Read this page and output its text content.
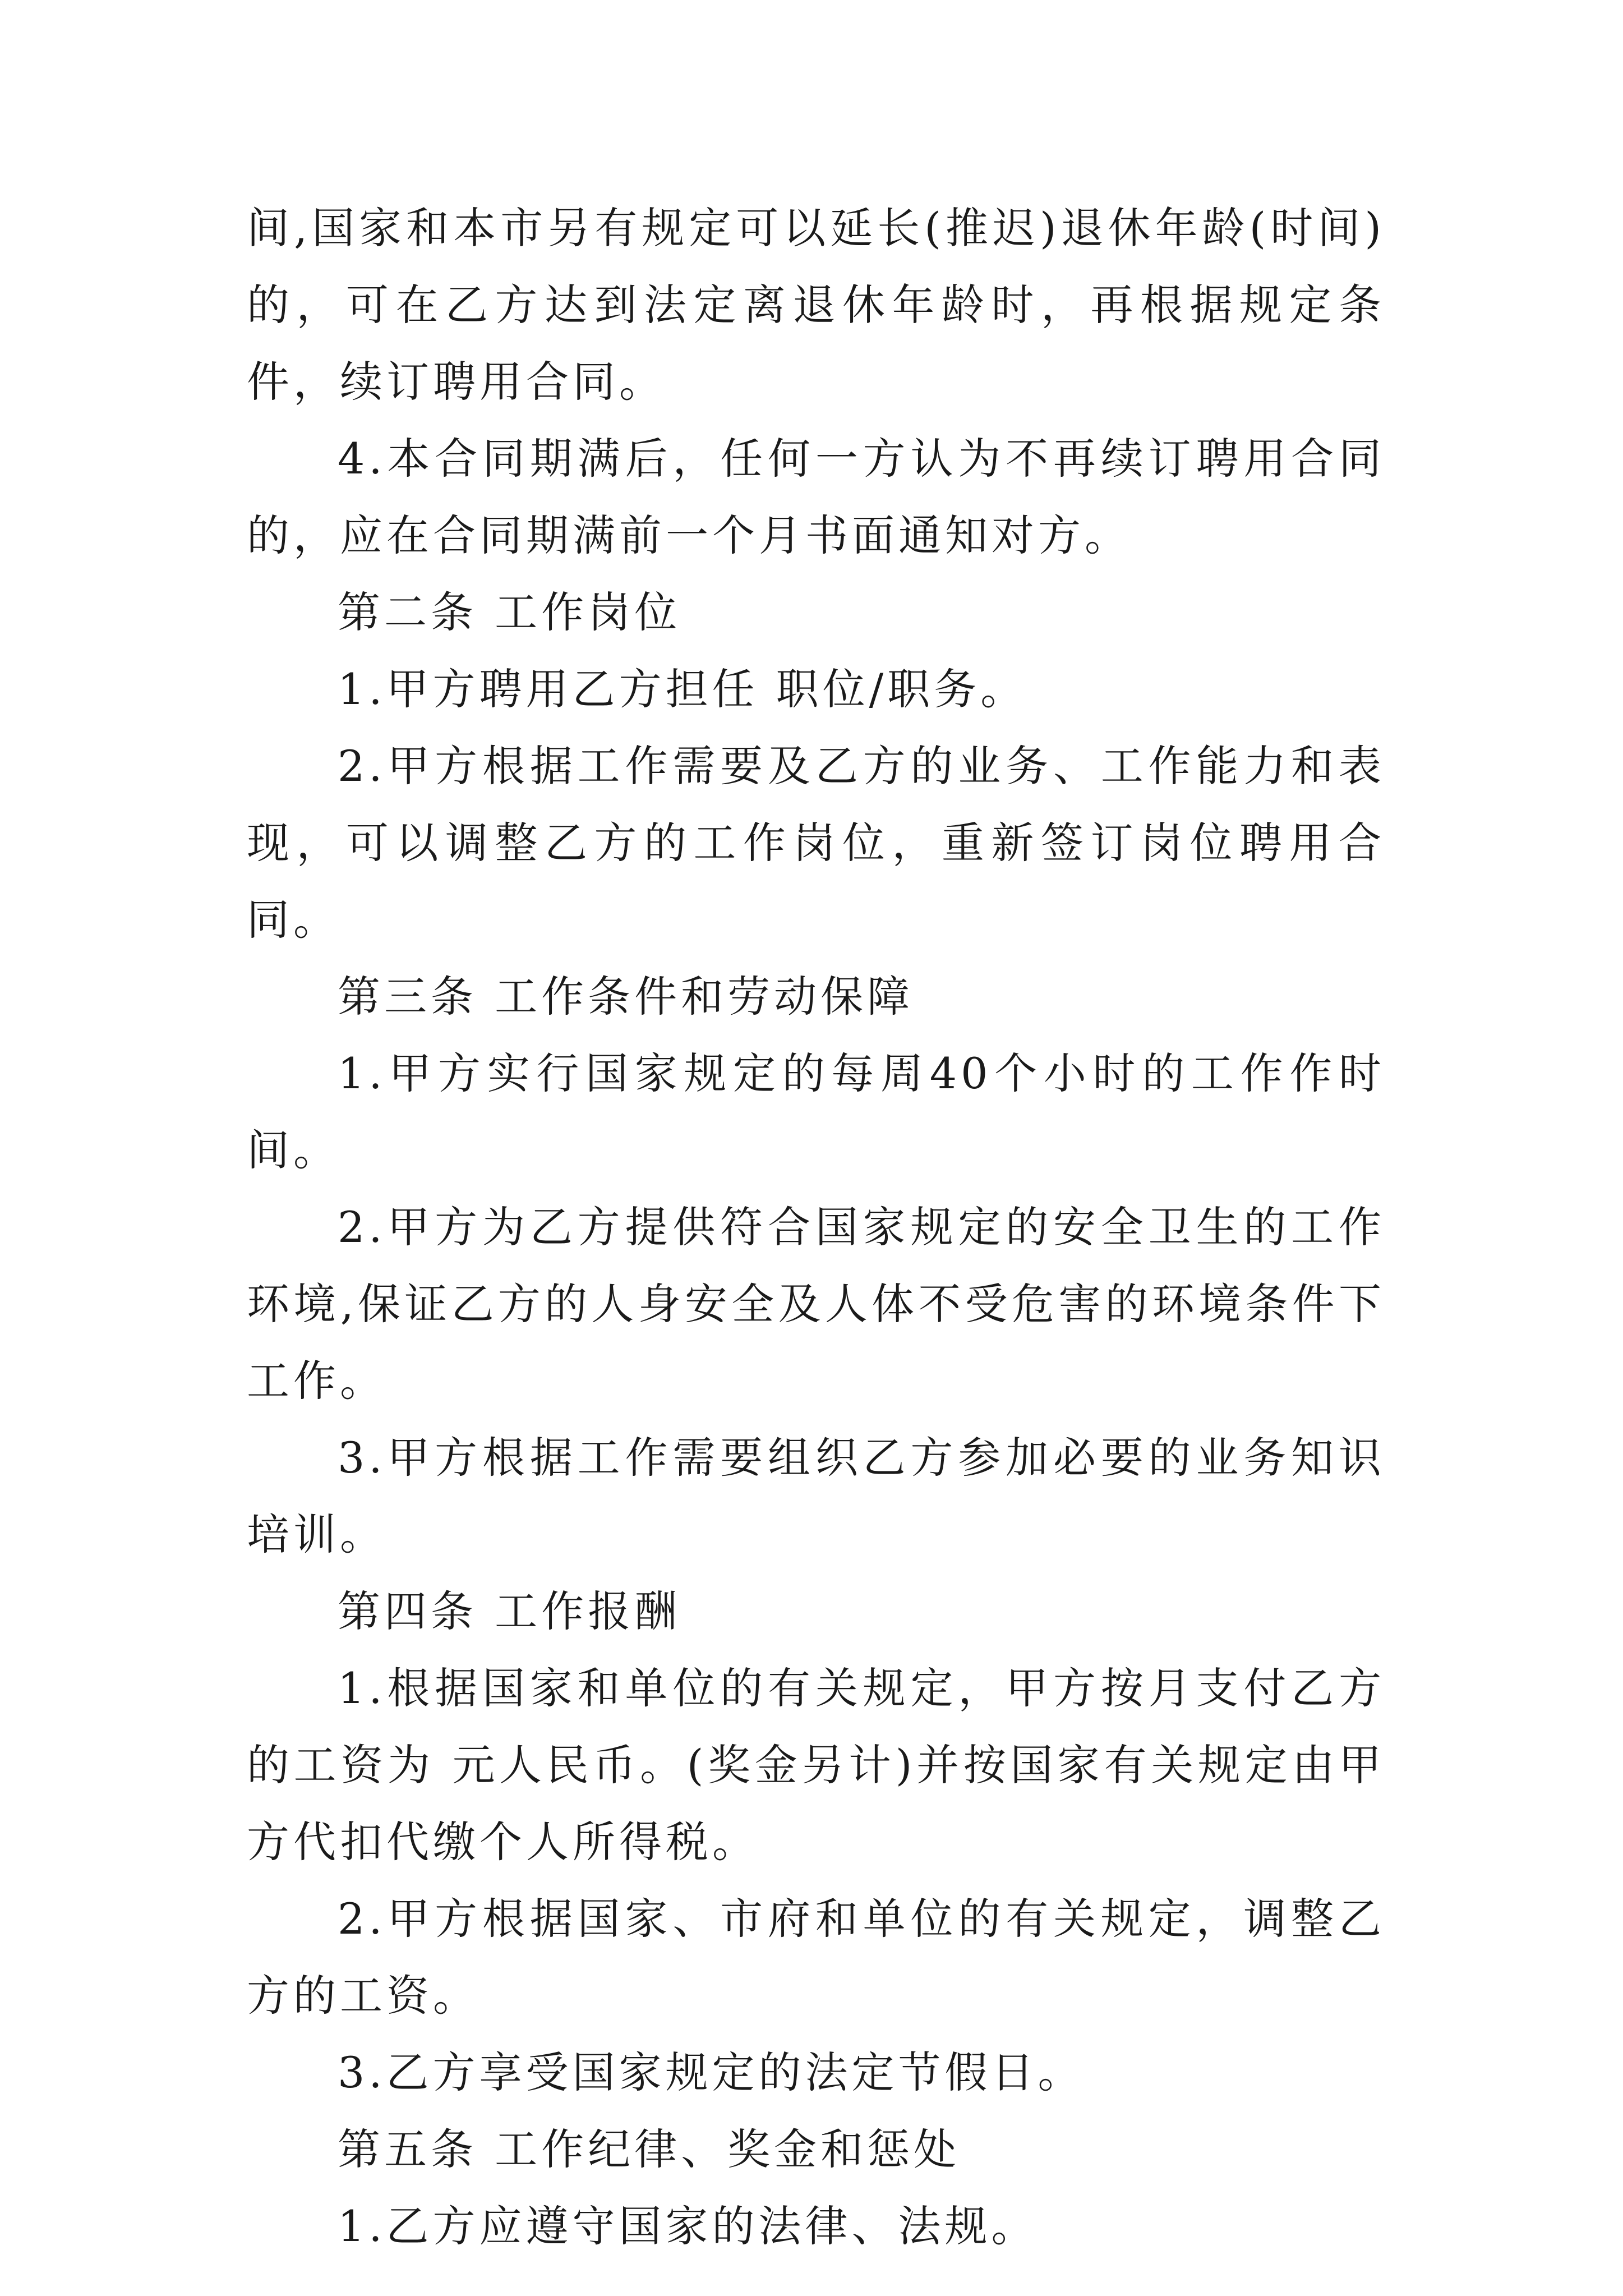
间,国家和本市另有规定可以延长(推迟)退休年龄(时间)的，可在乙方达到法定离退休年龄时，再根据规定条件，续订聘用合同。

4.本合同期满后，任何一方认为不再续订聘用合同的，应在合同期满前一个月书面通知对方。

第二条 工作岗位

1.甲方聘用乙方担任 职位/职务。

2.甲方根据工作需要及乙方的业务、工作能力和表现，可以调整乙方的工作岗位，重新签订岗位聘用合同。

第三条 工作条件和劳动保障

1.甲方实行国家规定的每周40个小时的工作作时间。

2.甲方为乙方提供符合国家规定的安全卫生的工作环境,保证乙方的人身安全及人体不受危害的环境条件下工作。

3.甲方根据工作需要组织乙方参加必要的业务知识培训。

第四条 工作报酬

1.根据国家和单位的有关规定，甲方按月支付乙方的工资为 元人民币。(奖金另计)并按国家有关规定由甲方代扣代缴个人所得税。

2.甲方根据国家、市府和单位的有关规定，调整乙方的工资。

3.乙方享受国家规定的法定节假日。

第五条 工作纪律、奖金和惩处

1.乙方应遵守国家的法律、法规。
